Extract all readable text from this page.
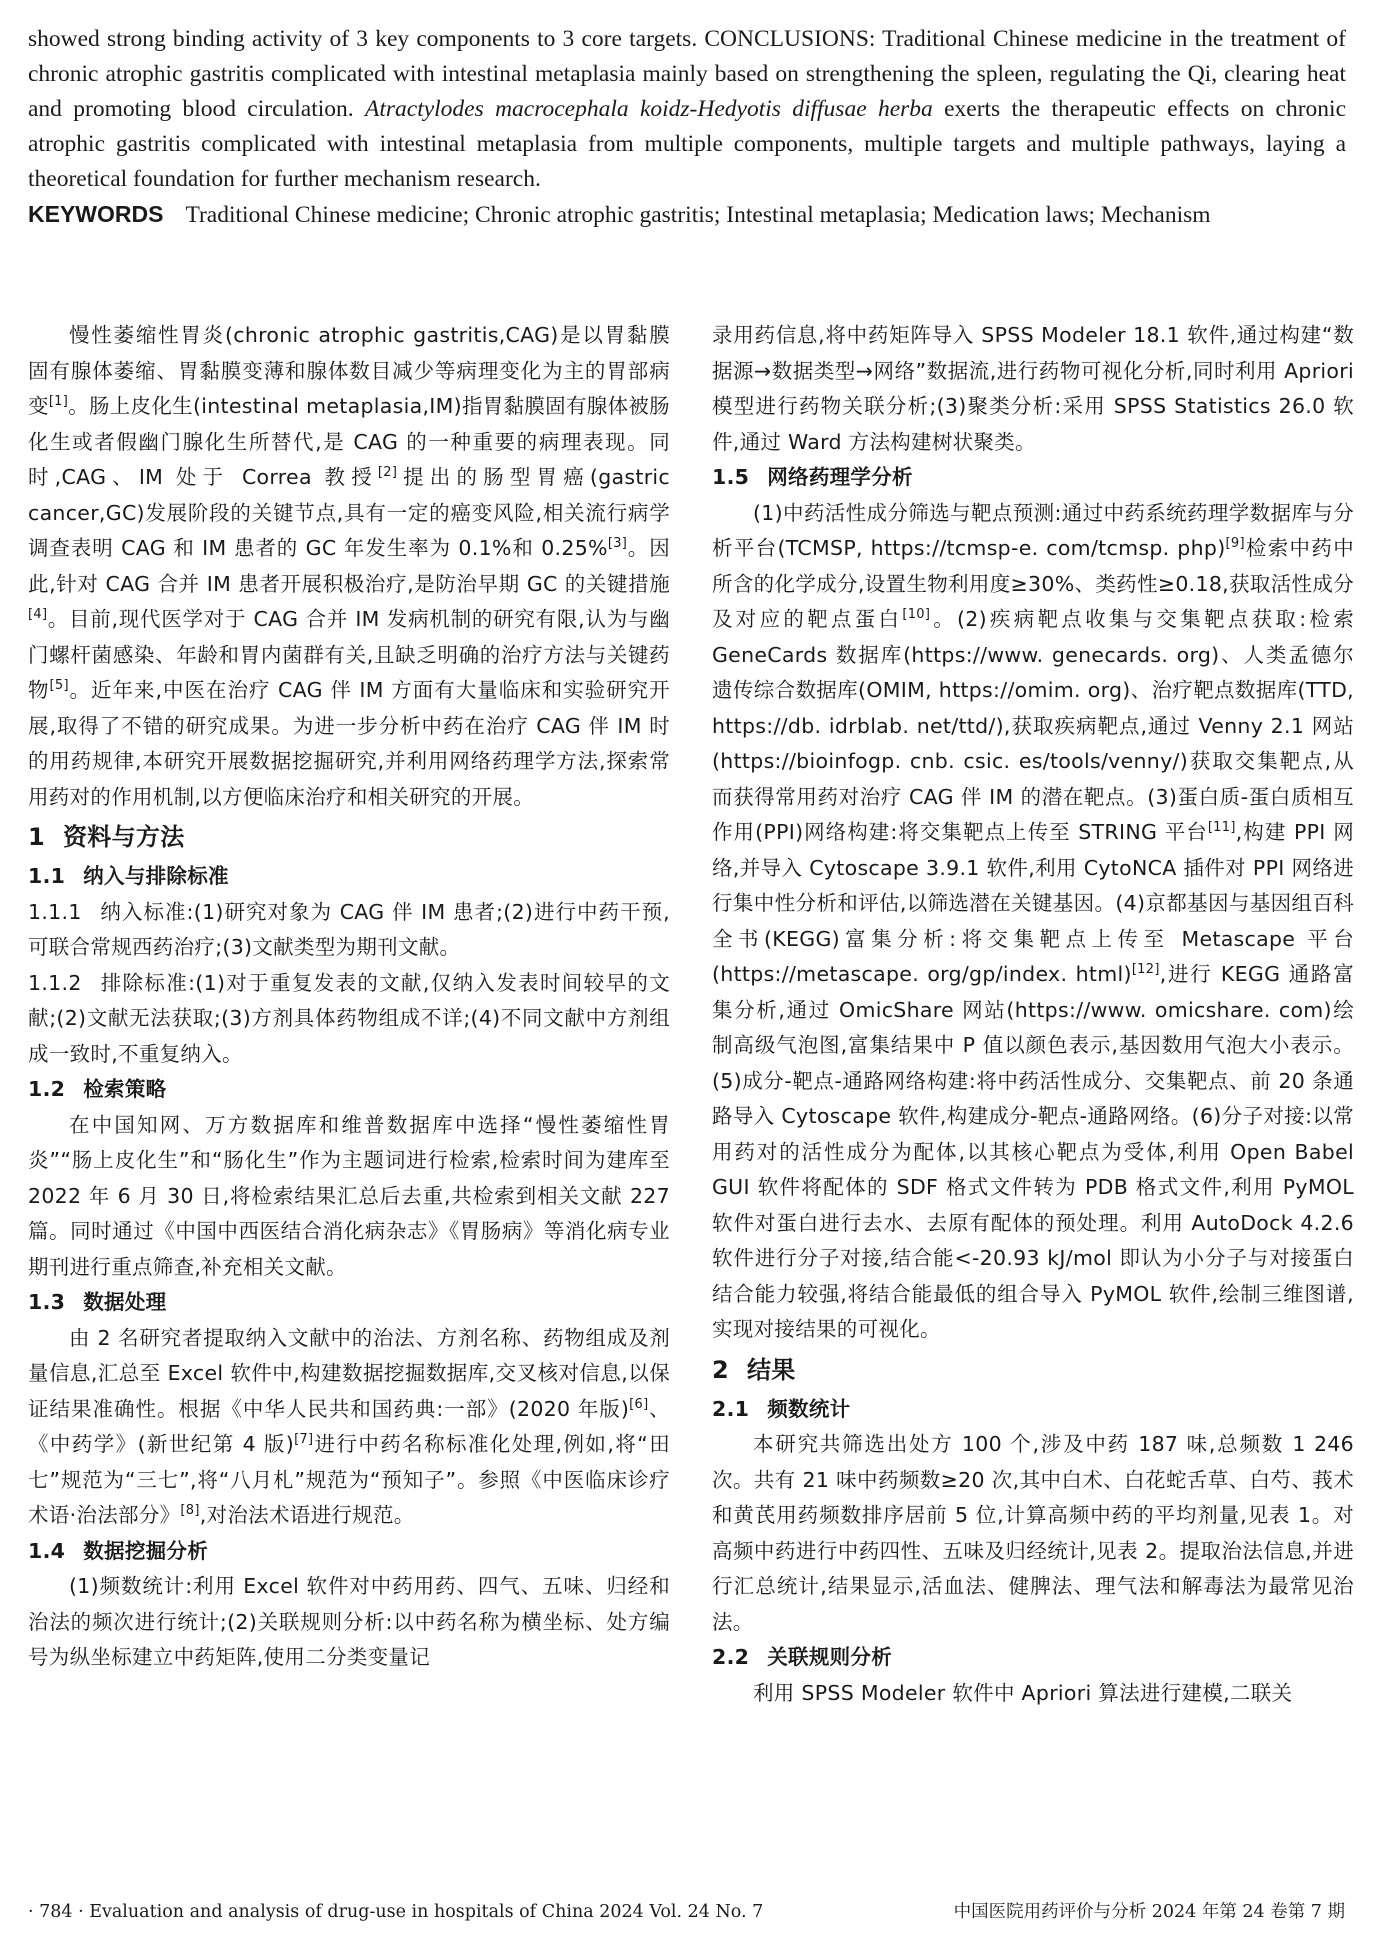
showed strong binding activity of 3 key components to 3 core targets. CONCLUSIONS: Traditional Chinese medicine in the treatment of chronic atrophic gastritis complicated with intestinal metaplasia mainly based on strengthening the spleen, regulating the Qi, clearing heat and promoting blood circulation. Atractylodes macrocephala koidz-Hedyotis diffusae herba exerts the therapeutic effects on chronic atrophic gastritis complicated with intestinal metaplasia from multiple components, multiple targets and multiple pathways, laying a theoretical foundation for further mechanism research.

KEYWORDS Traditional Chinese medicine; Chronic atrophic gastritis; Intestinal metaplasia; Medication laws; Mechanism

慢性萎缩性胃炎(chronic atrophic gastritis,CAG)是以胃黏膜固有腺体萎缩、胃黏膜变薄和腺体数目减少等病理变化为主的胃部病变[1]。肠上皮化生(intestinal metaplasia,IM)指胃黏膜固有腺体被肠化生或者假幽门腺化生所替代,是 CAG 的一种重要的病理表现。同时,CAG、IM 处于 Correa 教授[2]提出的肠型胃癌(gastric cancer,GC)发展阶段的关键节点,具有一定的癌变风险,相关流行病学调查表明 CAG 和 IM 患者的 GC 年发生率为 0.1%和 0.25%[3]。因此,针对 CAG 合并 IM 患者开展积极治疗,是防治早期 GC 的关键措施[4]。目前,现代医学对于 CAG 合并 IM 发病机制的研究有限,认为与幽门螺杆菌感染、年龄和胃内菌群有关,且缺乏明确的治疗方法与关键药物[5]。近年来,中医在治疗 CAG 伴 IM 方面有大量临床和实验研究开展,取得了不错的研究成果。为进一步分析中药在治疗 CAG 伴 IM 时的用药规律,本研究开展数据挖掘研究,并利用网络药理学方法,探索常用药对的作用机制,以方便临床治疗和相关研究的开展。

1 资料与方法

1.1 纳入与排除标准

1.1.1 纳入标准:(1)研究对象为 CAG 伴 IM 患者;(2)进行中药干预,可联合常规西药治疗;(3)文献类型为期刊文献。

1.1.2 排除标准:(1)对于重复发表的文献,仅纳入发表时间较早的文献;(2)文献无法获取;(3)方剂具体药物组成不详;(4)不同文献中方剂组成一致时,不重复纳入。

1.2 检索策略

在中国知网、万方数据库和维普数据库中选择“慢性萎缩性胃炎”“肠上皮化生”和“肠化生”作为主题词进行检索,检索时间为建库至 2022 年 6 月 30 日,将检索结果汇总后去重,共检索到相关文献 227 篇。同时通过《中国中西医结合消化病杂志》《胃肠病》等消化病专业期刊进行重点筛查,补充相关文献。

1.3 数据处理

由 2 名研究者提取纳入文献中的治法、方剂名称、药物组成及剂量信息,汇总至 Excel 软件中,构建数据挖掘数据库,交叉核对信息,以保证结果准确性。根据《中华人民共和国药典:一部》(2020 年版)[6]、《中药学》(新世纪第 4 版)[7]进行中药名称标准化处理,例如,将“田七”规范为“三七”,将“八月札”规范为“预知子”。参照《中医临床诊疗术语·治法部分》[8],对治法术语进行规范。

1.4 数据挖掘分析

(1)频数统计:利用 Excel 软件对中药用药、四气、五味、归经和治法的频次进行统计;(2)关联规则分析:以中药名称为横坐标、处方编号为纵坐标建立中药矩阵,使用二分类变量记

录用药信息,将中药矩阵导入 SPSS Modeler 18.1 软件,通过构建“数据源→数据类型→网络”数据流,进行药物可视化分析,同时利用 Apriori 模型进行药物关联分析;(3)聚类分析:采用 SPSS Statistics 26.0 软件,通过 Ward 方法构建树状聚类。

1.5 网络药理学分析

(1)中药活性成分筛选与靶点预测:通过中药系统药理学数据库与分析平台(TCMSP, https://tcmsp-e. com/tcmsp. php)[9]检索中药中所含的化学成分,设置生物利用度≥30%、类药性≥0.18,获取活性成分及对应的靶点蛋白[10]。(2)疾病靶点收集与交集靶点获取:检索 GeneCards 数据库(https://www. genecards. org)、人类孟德尔遗传综合数据库(OMIM, https://omim. org)、治疗靶点数据库(TTD, https://db. idrblab. net/ttd/),获取疾病靶点,通过 Venny 2.1 网站(https://bioinfogp. cnb. csic. es/tools/venny/)获取交集靶点,从而获得常用药对治疗 CAG 伴 IM 的潜在靶点。(3)蛋白质-蛋白质相互作用(PPI)网络构建:将交集靶点上传至 STRING 平台[11],构建 PPI 网络,并导入 Cytoscape 3.9.1 软件,利用 CytoNCA 插件对 PPI 网络进行集中性分析和评估,以筛选潜在关键基因。(4)京都基因与基因组百科全书(KEGG)富集分析:将交集靶点上传至 Metascape 平台(https://metascape. org/gp/index. html)[12],进行 KEGG 通路富集分析,通过 OmicShare 网站(https://www. omicshare. com)绘制高级气泡图,富集结果中 P 值以颜色表示,基因数用气泡大小表示。(5)成分-靶点-通路网络构建:将中药活性成分、交集靶点、前 20 条通路导入 Cytoscape 软件,构建成分-靶点-通路网络。(6)分子对接:以常用药对的活性成分为配体,以其核心靶点为受体,利用 Open Babel GUI 软件将配体的 SDF 格式文件转为 PDB 格式文件,利用 PyMOL 软件对蛋白进行去水、去原有配体的预处理。利用 AutoDock 4.2.6 软件进行分子对接,结合能<-20.93 kJ/mol 即认为小分子与对接蛋白结合能力较强,将结合能最低的组合导入 PyMOL 软件,绘制三维图谱,实现对接结果的可视化。

2 结果

2.1 频数统计

本研究共筛选出处方 100 个,涉及中药 187 味,总频数 1 246 次。共有 21 味中药频数≥20 次,其中白术、白花蛇舌草、白芍、莪术和黄芪用药频数排序居前 5 位,计算高频中药的平均剂量,见表 1。对高频中药进行中药四性、五味及归经统计,见表 2。提取治法信息,并进行汇总统计,结果显示,活血法、健脾法、理气法和解毒法为最常见治法。

2.2 关联规则分析

利用 SPSS Modeler 软件中 Apriori 算法进行建模,二联关

· 784 · Evaluation and analysis of drug-use in hospitals of China 2024 Vol. 24 No. 7	中国医院用药评价与分析 2024 年第 24 卷第 7 期
